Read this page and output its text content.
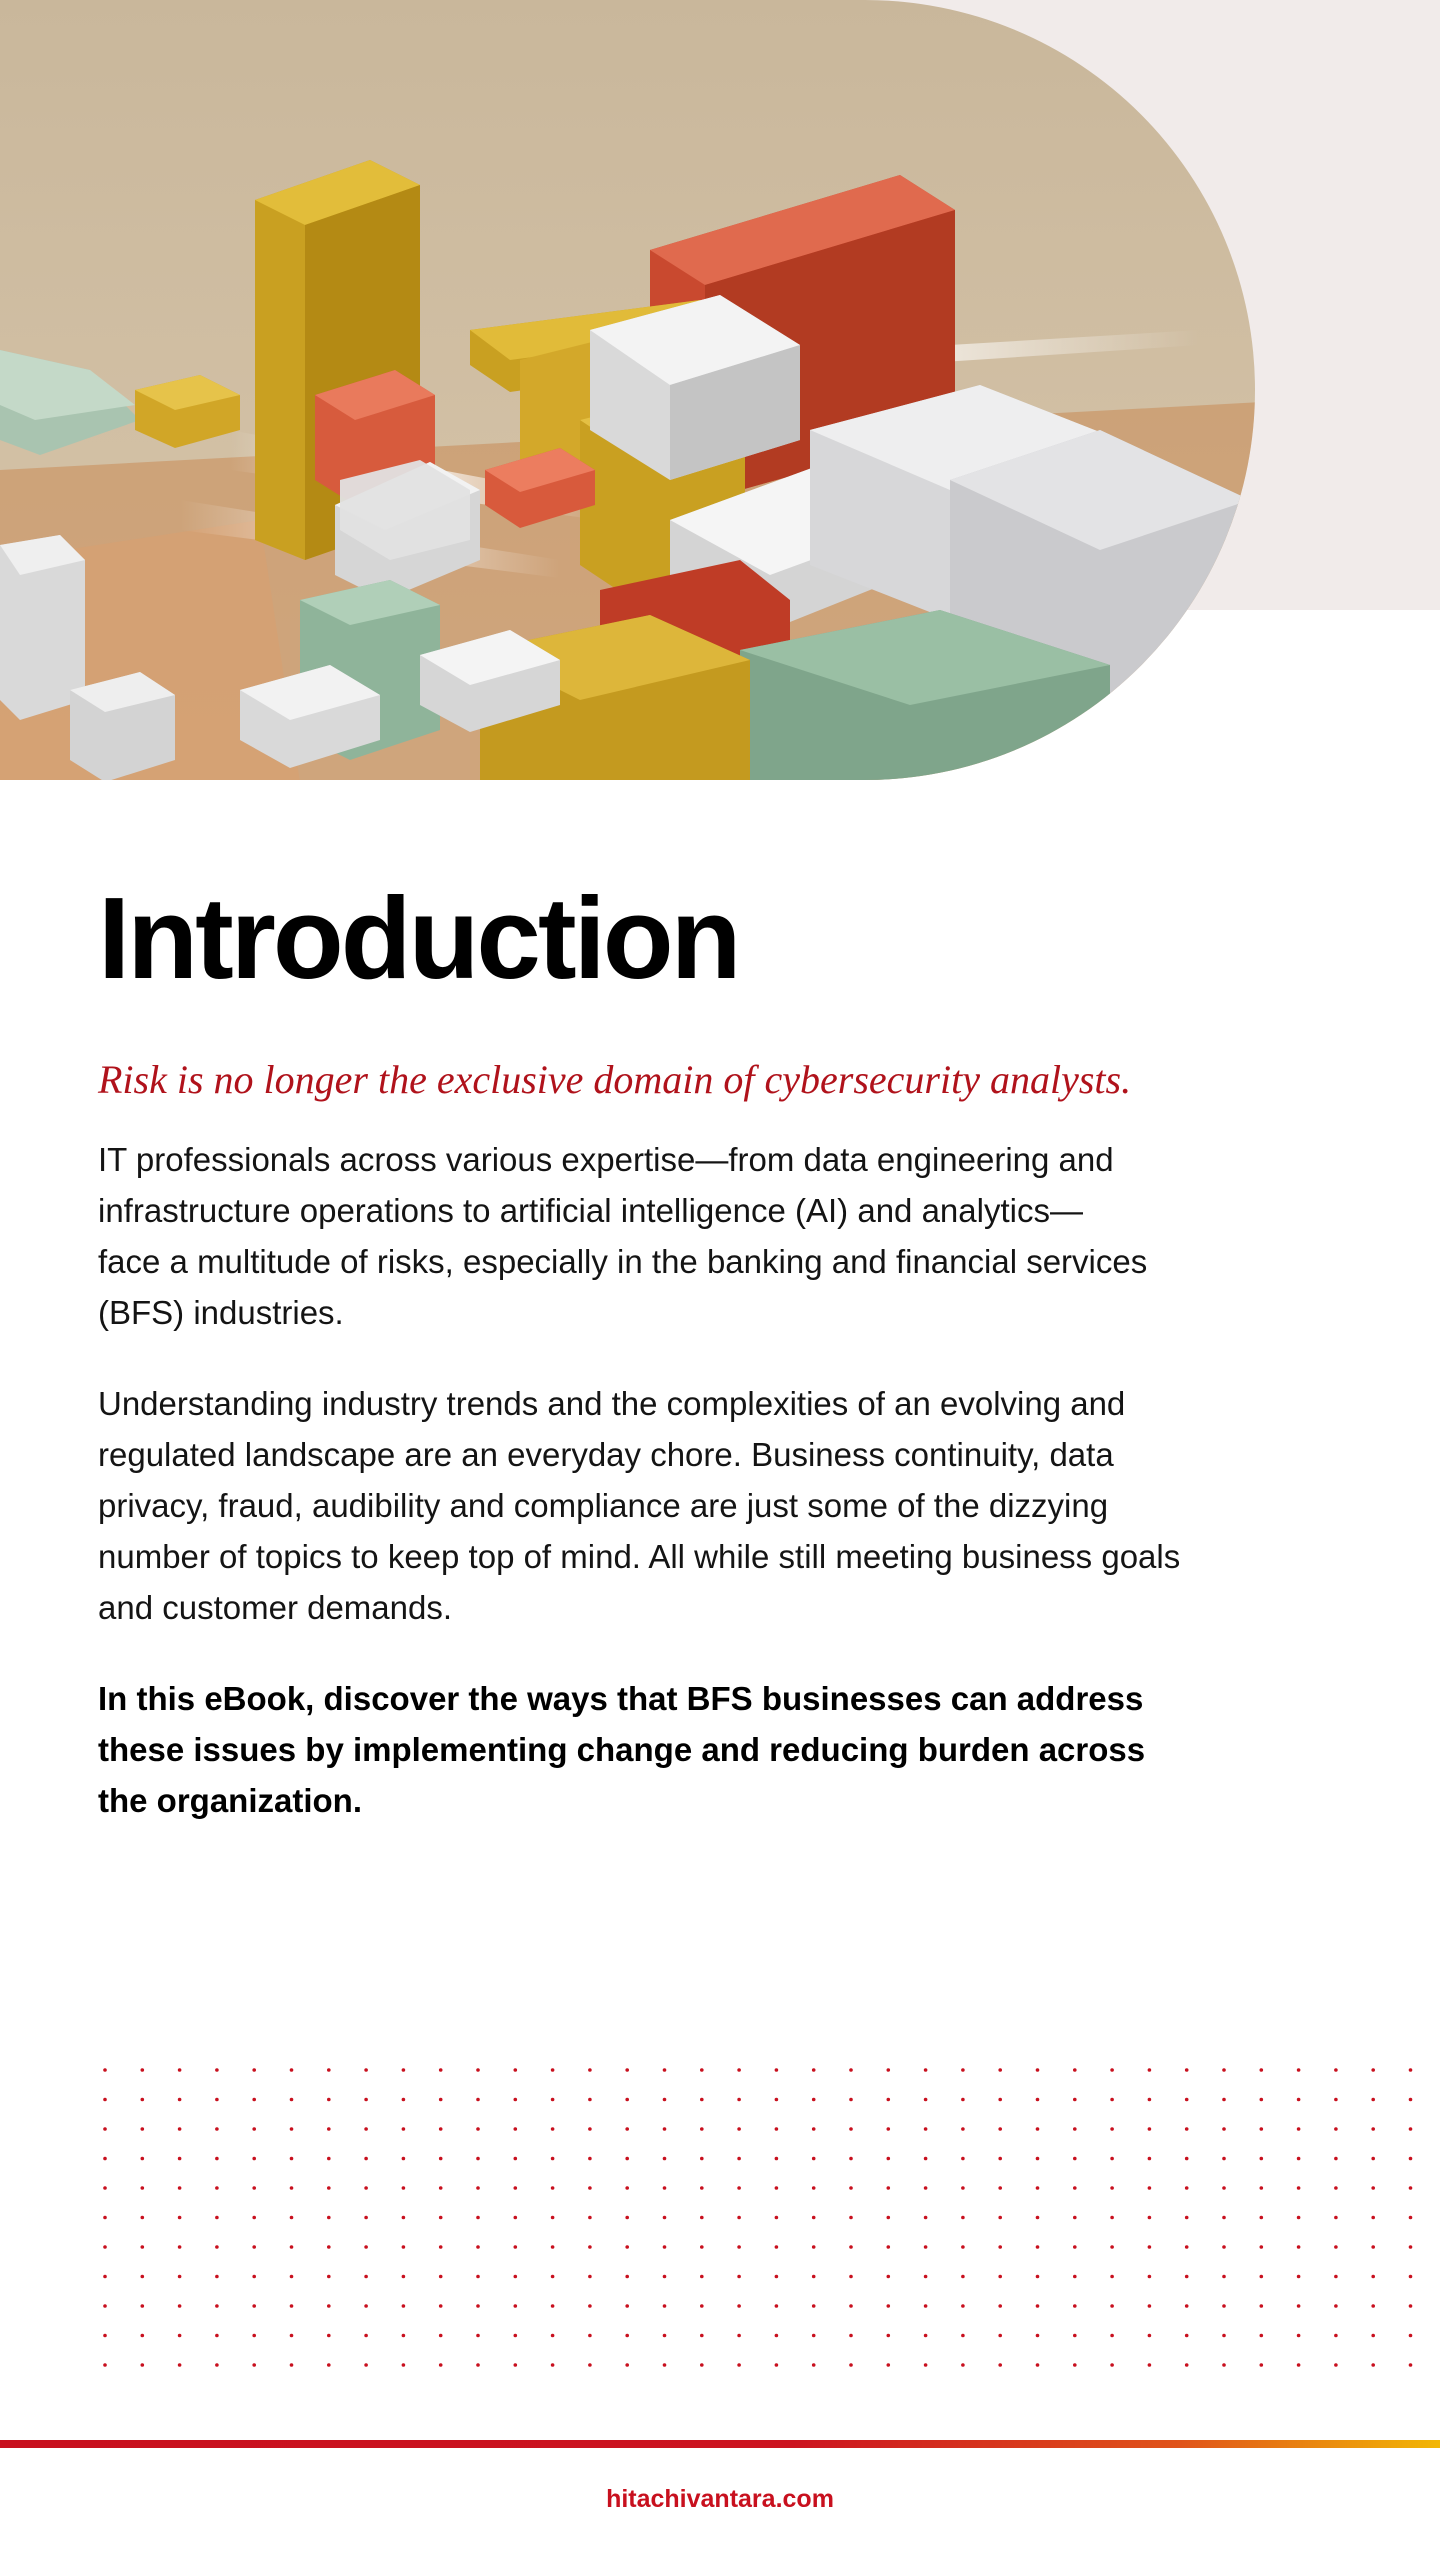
Introduction

Risk is no longer the exclusive domain of cybersecurity analysts.

IT professionals across various expertise—from data engineering and
infrastructure operations to artificial intelligence (AI) and analytics—
face a multitude of risks, especially in the banking and financial services
(BFS) industries.

Understanding industry trends and the complexities of an evolving and
regulated landscape are an everyday chore. Business continuity, data
privacy, fraud, audibility and compliance are just some of the dizzying
number of topics to keep top of mind. All while still meeting business goals
and customer demands.

In this eBook, discover the ways that BFS businesses can address
these issues by implementing change and reducing burden across
the organization.

hitachivantara.com
